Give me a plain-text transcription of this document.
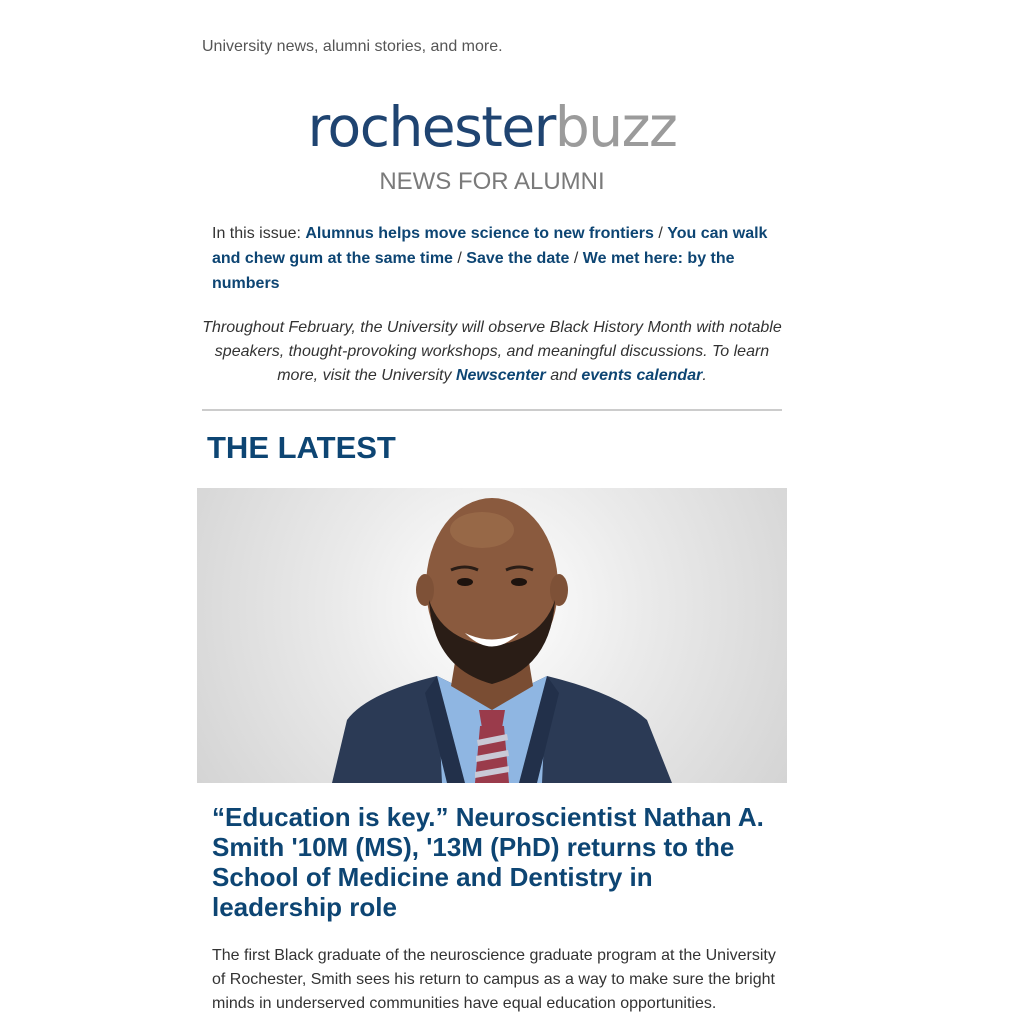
University news, alumni stories, and more.
rochesterbuzz
NEWS FOR ALUMNI
In this issue: Alumnus helps move science to new frontiers / You can walk and chew gum at the same time / Save the date / We met here: by the numbers
Throughout February, the University will observe Black History Month with notable speakers, thought-provoking workshops, and meaningful discussions. To learn more, visit the University Newscenter and events calendar.
THE LATEST
“Education is key.” Neuroscientist Nathan A. Smith '10M (MS), '13M (PhD) returns to the School of Medicine and Dentistry in leadership role

The first Black graduate of the neuroscience graduate program at the University of Rochester, Smith sees his return to campus as a way to make sure the bright minds in underserved communities have equal education opportunities.
